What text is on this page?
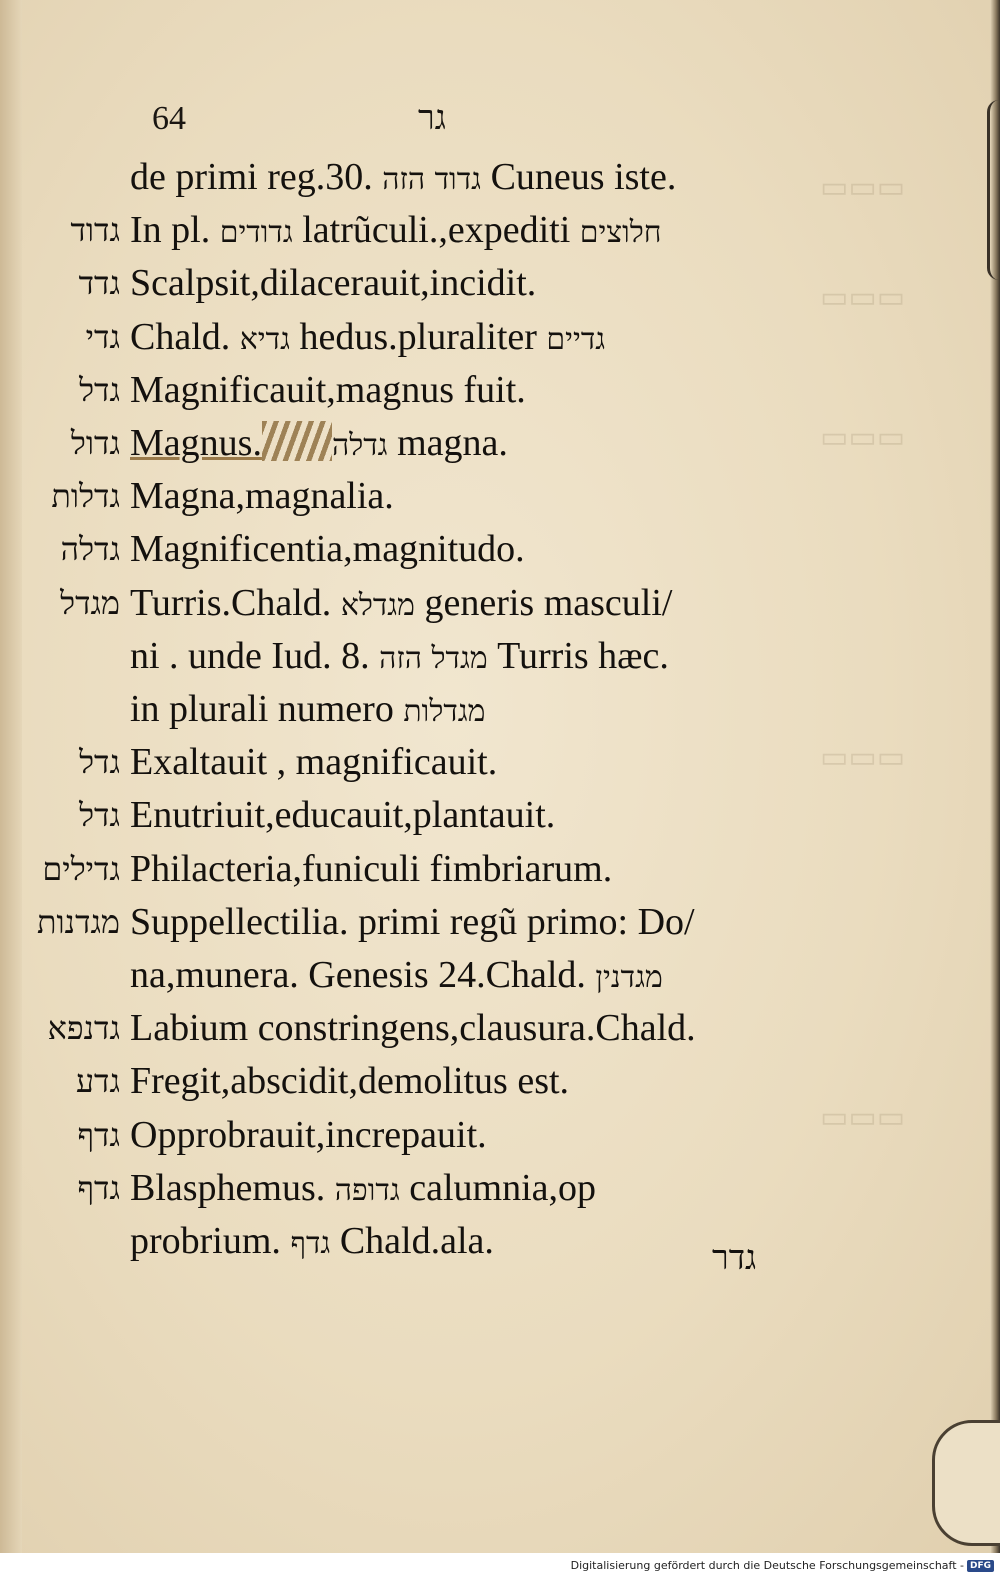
▭▭▭
▭▭▭
▭▭▭
▭▭▭
▭▭▭
64	גר
de primi reg.30. גדוד הזה Cuneus iste.
גדוד In pl. גדודים latrũculi.,expediti חלוצים
גדד Scalpsit,dilacerauit,incidit.
גדי Chald. גדיא hedus.pluraliter גדיים
גדל Magnificauit,magnus fuit.
גדול Magnus. גדלה magna.
גדלות Magna,magnalia.
גדלה Magnificentia,magnitudo.
מגדל Turris.Chald. מגדלא generis masculi/
ni . unde Iud. 8. מגדל הזה Turris hæc.
in plurali numero מגדלות
גדל Exaltauit , magnificauit.
גדל Enutriuit,educauit,plantauit.
גדילים Philacteria,funiculi fimbriarum.
מגדנות Suppellectilia. primi regũ primo: Do/
na,munera. Genesis 24.Chald. מגדנין
גדנפא Labium constringens,clausura.Chald.
גדע Fregit,abscidit,demolitus est.
גדף Opprobrauit,increpauit.
גדף Blasphemus. גדופה calumnia,op
probrium. גדף Chald.ala.	גדר
Digitalisierung gefördert durch die Deutsche Forschungsgemeinschaft - DFG
